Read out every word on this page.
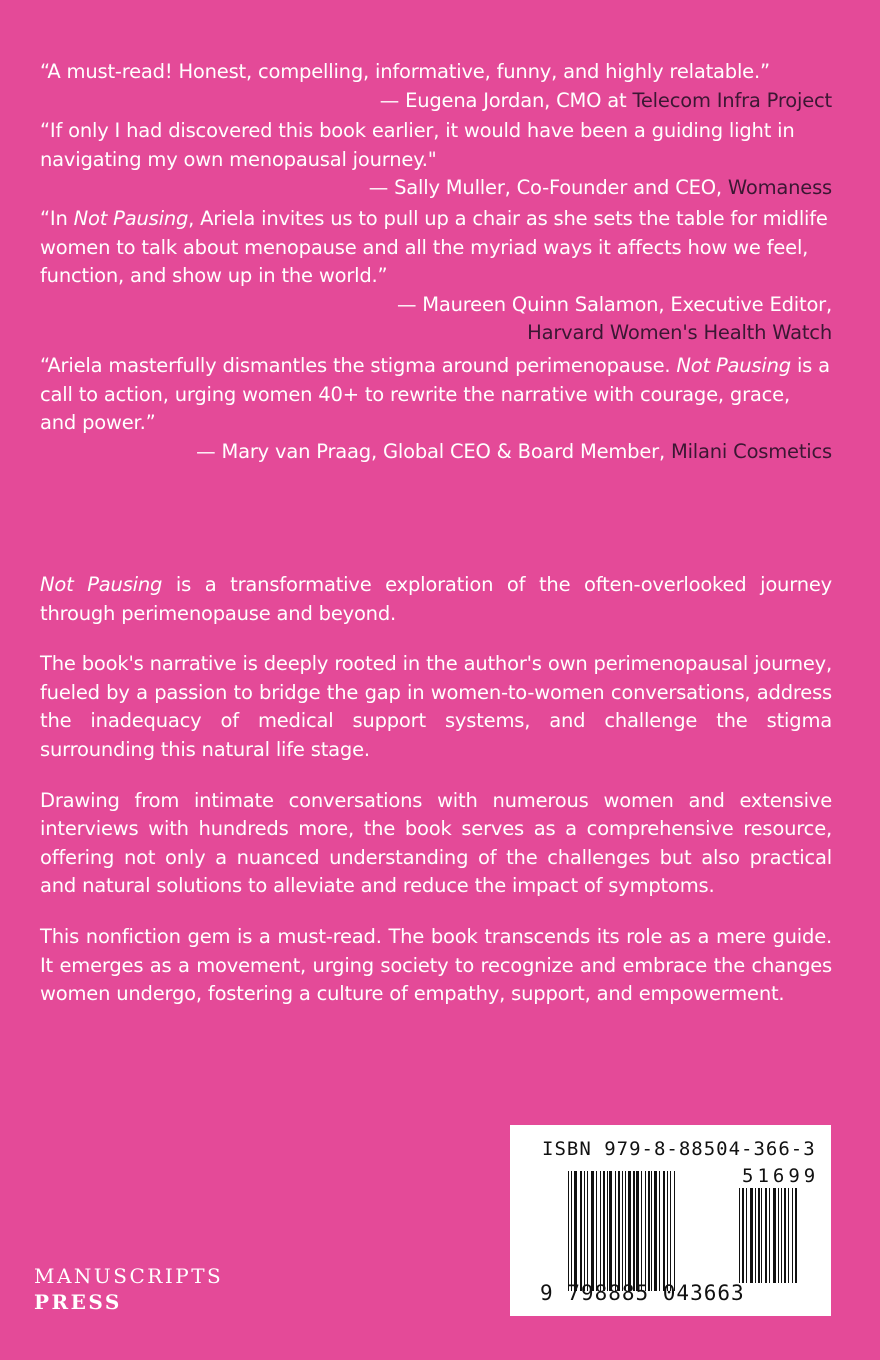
“A must-read! Honest, compelling, informative, funny, and highly relatable.”

— Eugena Jordan, CMO at Telecom Infra Project

“If only I had discovered this book earlier, it would have been a guiding light in navigating my own menopausal journey."

— Sally Muller, Co-Founder and CEO, Womaness

“In Not Pausing, Ariela invites us to pull up a chair as she sets the table for midlife women to talk about menopause and all the myriad ways it affects how we feel, function, and show up in the world.”

— Maureen Quinn Salamon, Executive Editor,

Harvard Women's Health Watch

“Ariela masterfully dismantles the stigma around perimenopause. Not Pausing is a call to action, urging women 40+ to rewrite the narrative with courage, grace, and power.”

— Mary van Praag, Global CEO & Board Member, Milani Cosmetics

Not Pausing is a transformative exploration of the often-overlooked journey through perimenopause and beyond.

The book's narrative is deeply rooted in the author's own perimenopausal journey, fueled by a passion to bridge the gap in women-to-women conversations, address the inadequacy of medical support systems, and challenge the stigma surrounding this natural life stage.

Drawing from intimate conversations with numerous women and extensive interviews with hundreds more, the book serves as a comprehensive resource, offering not only a nuanced understanding of the challenges but also practical and natural solutions to alleviate and reduce the impact of symptoms.

This nonfiction gem is a must-read. The book transcends its role as a mere guide. It emerges as a movement, urging society to recognize and embrace the changes women undergo, fostering a culture of empathy, support, and empowerment.

ISBN 979-8-88504-366-3
51699
9 798885 043663
MANUSCRIPTS
PRESS
